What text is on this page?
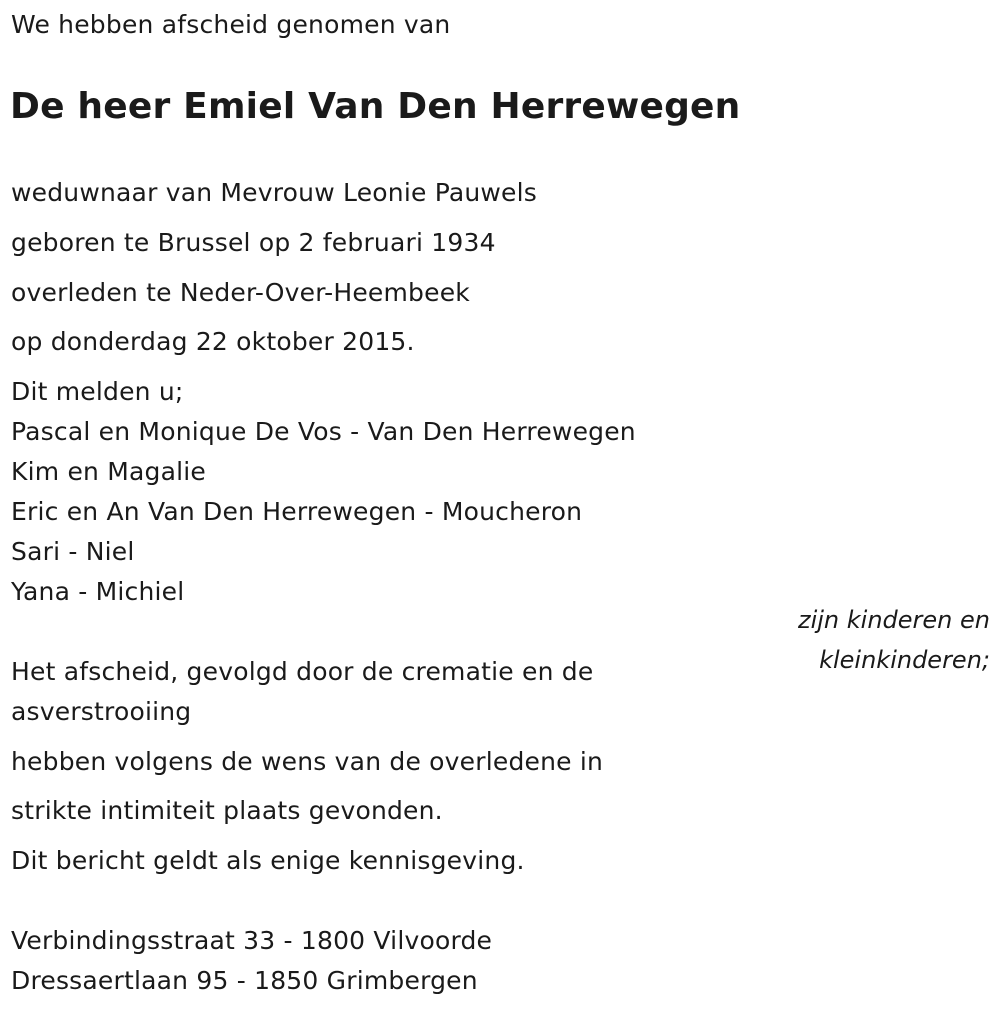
We hebben afscheid genomen van
De heer Emiel Van Den Herrewegen
weduwnaar van Mevrouw Leonie Pauwels
geboren te Brussel op 2 februari 1934
overleden te Neder-Over-Heembeek
op donderdag 22 oktober 2015.
Dit melden u;
Pascal en Monique De Vos - Van Den Herrewegen
Kim en Magalie
Eric en An Van Den Herrewegen - Moucheron
Sari - Niel
Yana - Michiel
zijn kinderen en
kleinkinderen;
Het afscheid, gevolgd door de crematie en de
asverstrooiing
hebben volgens de wens van de overledene in
strikte intimiteit plaats gevonden.
Dit bericht geldt als enige kennisgeving.
Verbindingsstraat 33 - 1800 Vilvoorde
Dressaertlaan 95 - 1850 Grimbergen
